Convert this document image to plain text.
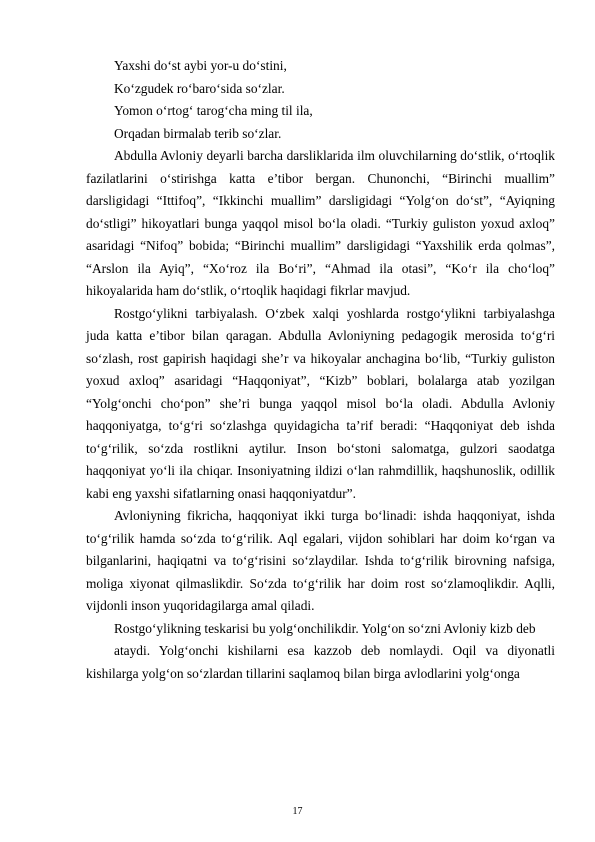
Yaxshi do‘st aybi yor-u do‘stini,
Ko‘zgudek ro‘baro‘sida so‘zlar.
Yomon o‘rtog‘ tarog‘cha ming til ila,
Orqadan birmalab terib so‘zlar.

Abdulla Avloniy deyarli barcha darsliklarida ilm oluvchilarning do‘stlik, o‘rtoqlik fazilatlarini o‘stirishga katta e’tibor bergan. Chunonchi, “Birinchi muallim” darsligidagi “Ittifoq”, “Ikkinchi muallim” darsligidagi “Yolg‘on do‘st”, “Ayiqning do‘stligi” hikoyatlari bunga yaqqol misol bo‘la oladi. “Turkiy guliston yoxud axloq” asaridagi “Nifoq” bobida; “Birinchi muallim” darsligidagi “Yaxshilik erda qolmas”, “Arslon ila Ayiq”, “Xo‘roz ila Bo‘ri”, “Ahmad ila otasi”, “Ko‘r ila cho‘loq” hikoyalarida ham do‘stlik, o‘rtoqlik haqidagi fikrlar mavjud.

Rostgo‘ylikni tarbiyalash. O‘zbek xalqi yoshlarda rostgo‘ylikni tarbiyalashga juda katta e’tibor bilan qaragan. Abdulla Avloniyning pedagogik merosida to‘g‘ri so‘zlash, rost gapirish haqidagi she’r va hikoyalar anchagina bo‘lib, “Turkiy guliston yoxud axloq” asaridagi “Haqqoniyat”, “Kizb” boblari, bolalarga atab yozilgan “Yolg‘onchi cho‘pon” she’ri bunga yaqqol misol bo‘la oladi. Abdulla Avloniy haqqoniyatga, to‘g‘ri so‘zlashga quyidagicha ta’rif beradi: “Haqqoniyat deb ishda to‘g‘rilik, so‘zda rostlikni aytilur. Inson bo‘stoni salomatga, gulzori saodatga haqqoniyat yo‘li ila chiqar. Insoniyatning ildizi o‘lan rahmdillik, haqshunoslik, odillik kabi eng yaxshi sifatlarning onasi haqqoniyatdur”.

Avloniyning fikricha, haqqoniyat ikki turga bo‘linadi: ishda haqqoniyat, ishda to‘g‘rilik hamda so‘zda to‘g‘rilik. Aql egalari, vijdon sohiblari har doim ko‘rgan va bilganlarini, haqiqatni va to‘g‘risini so‘zlaydilar. Ishda to‘g‘rilik birovning nafsiga, moliga xiyonat qilmaslikdir. So‘zda to‘g‘rilik har doim rost so‘zlamoqlikdir. Aqlli, vijdonli inson yuqoridagilarga amal qiladi.

Rostgo‘ylikning teskarisi bu yolg‘onchilikdir. Yolg‘on so‘zni Avloniy kizb deb

ataydi. Yolg‘onchi kishilarni esa kazzob deb nomlaydi. Oqil va diyonatli kishilarga yolg‘on so‘zlardan tillarini saqlamoq bilan birga avlodlarini yolg‘onga

17
